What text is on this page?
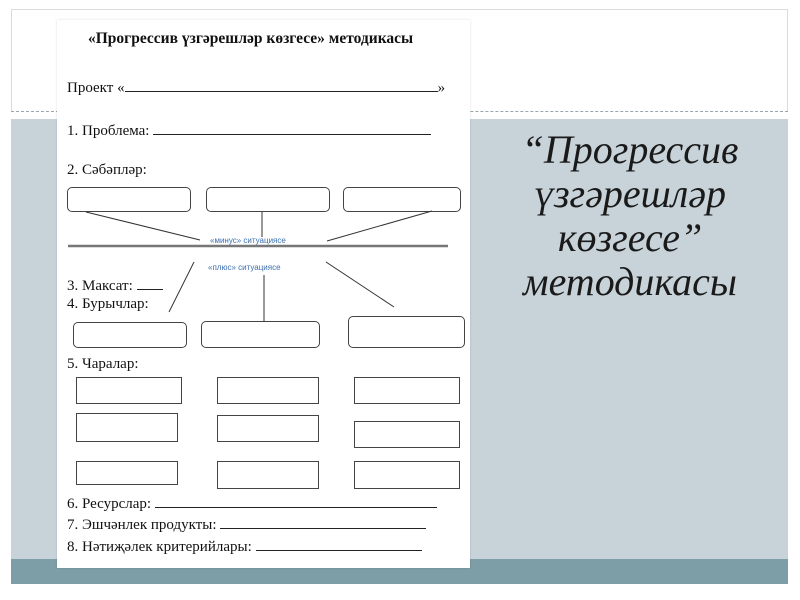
«Прогрессив үзгәрешләр көзгесе» методикасы
Проект «	»
1. Проблема:
2. Сәбәпләр:
«минус» ситуациясе
«плюс» ситуациясе
3. Максат:
4. Бурычлар:
5. Чаралар:
6. Ресурслар:
7. Эшчәнлек продукты:
8. Нәтиҗәлек критерийлары:
“Прогрессив
үзгәрешләр
көзгесе”
методикасы
